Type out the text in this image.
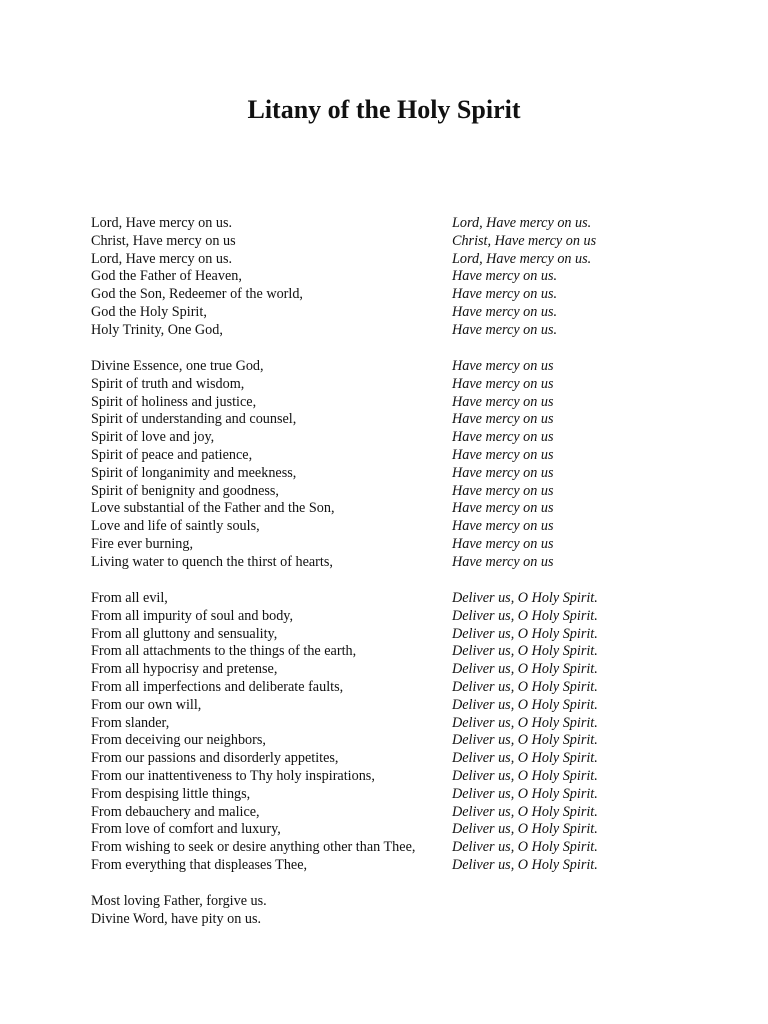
Litany of the Holy Spirit
Lord, Have mercy on us.	Lord, Have mercy on us.
Christ, Have mercy on us	Christ, Have mercy on us
Lord, Have mercy on us.	Lord, Have mercy on us.
God the Father of Heaven,	Have mercy on us.
God the Son, Redeemer of the world,	Have mercy on us.
God the Holy Spirit,	Have mercy on us.
Holy Trinity, One God,	Have mercy on us.
Divine Essence, one true God,	Have mercy on us
Spirit of truth and wisdom,	Have mercy on us
Spirit of holiness and justice,	Have mercy on us
Spirit of understanding and counsel,	Have mercy on us
Spirit of love and joy,	Have mercy on us
Spirit of peace and patience,	Have mercy on us
Spirit of longanimity and meekness,	Have mercy on us
Spirit of benignity and goodness,	Have mercy on us
Love substantial of the Father and the Son,	Have mercy on us
Love and life of saintly souls,	Have mercy on us
Fire ever burning,	Have mercy on us
Living water to quench the thirst of hearts,	Have mercy on us
From all evil,	Deliver us, O Holy Spirit.
From all impurity of soul and body,	Deliver us, O Holy Spirit.
From all gluttony and sensuality,	Deliver us, O Holy Spirit.
From all attachments to the things of the earth,	Deliver us, O Holy Spirit.
From all hypocrisy and pretense,	Deliver us, O Holy Spirit.
From all imperfections and deliberate faults,	Deliver us, O Holy Spirit.
From our own will,	Deliver us, O Holy Spirit.
From slander,	Deliver us, O Holy Spirit.
From deceiving our neighbors,	Deliver us, O Holy Spirit.
From our passions and disorderly appetites,	Deliver us, O Holy Spirit.
From our inattentiveness to Thy holy inspirations,	Deliver us, O Holy Spirit.
From despising little things,	Deliver us, O Holy Spirit.
From debauchery and malice,	Deliver us, O Holy Spirit.
From love of comfort and luxury,	Deliver us, O Holy Spirit.
From wishing to seek or desire anything other than Thee,	Deliver us, O Holy Spirit.
From everything that displeases Thee,	Deliver us, O Holy Spirit.
Most loving Father, forgive us.
Divine Word, have pity on us.
